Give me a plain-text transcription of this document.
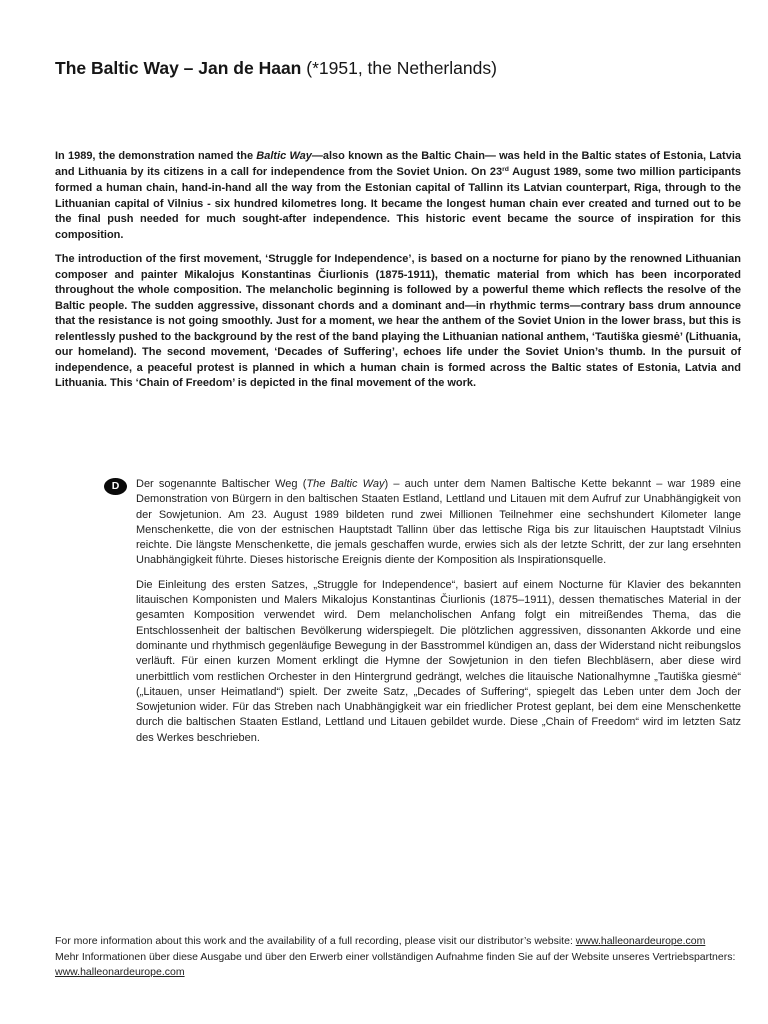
The Baltic Way – Jan de Haan (*1951, the Netherlands)

In 1989, the demonstration named the Baltic Way—also known as the Baltic Chain— was held in the Baltic states of Estonia, Latvia and Lithuania by its citizens in a call for independence from the Soviet Union. On 23rd August 1989, some two million participants formed a human chain, hand-in-hand all the way from the Estonian capital of Tallinn its Latvian counterpart, Riga, through to the Lithuanian capital of Vilnius - six hundred kilometres long. It became the longest human chain ever created and turned out to be the final push needed for much sought-after independence. This historic event became the source of inspiration for this composition.

The introduction of the first movement, ‘Struggle for Independence’, is based on a nocturne for piano by the renowned Lithuanian composer and painter Mikalojus Konstantinas Čiurlionis (1875-1911), thematic material from which has been incorporated throughout the whole composition. The melancholic beginning is followed by a powerful theme which reflects the resolve of the Baltic people. The sudden aggressive, dissonant chords and a dominant and—in rhythmic terms—contrary bass drum announce that the resistance is not going smoothly. Just for a moment, we hear the anthem of the Soviet Union in the lower brass, but this is relentlessly pushed to the background by the rest of the band playing the Lithuanian national anthem, ‘Tautiška giesmė’ (Lithuania, our homeland). The second movement, ‘Decades of Suffering’, echoes life under the Soviet Union’s thumb. In the pursuit of independence, a peaceful protest is planned in which a human chain is formed across the Baltic states of Estonia, Latvia and Lithuania. This ‘Chain of Freedom’ is depicted in the final movement of the work.

D	Der sogenannte Baltischer Weg (The Baltic Way) – auch unter dem Namen Baltische Kette bekannt – war 1989 eine Demonstration von Bürgern in den baltischen Staaten Estland, Lettland und Litauen mit dem Aufruf zur Unabhängigkeit von der Sowjetunion. Am 23. August 1989 bildeten rund zwei Millionen Teilnehmer eine sechshundert Kilometer lange Menschenkette, die von der estnischen Hauptstadt Tallinn über das lettische Riga bis zur litauischen Hauptstadt Vilnius reichte. Die längste Menschenkette, die jemals geschaffen wurde, erwies sich als der letzte Schritt, der zur lang ersehnten Unabhängigkeit führte. Dieses historische Ereignis diente der Komposition als Inspirationsquelle.

Die Einleitung des ersten Satzes, „Struggle for Independence“, basiert auf einem Nocturne für Klavier des bekannten litauischen Komponisten und Malers Mikalojus Konstantinas Čiurlionis (1875–1911), dessen thematisches Material in der gesamten Komposition verwendet wird. Dem melancholischen Anfang folgt ein mitreißendes Thema, das die Entschlossenheit der baltischen Bevölkerung widerspiegelt. Die plötzlichen aggressiven, dissonanten Akkorde und eine dominante und rhythmisch gegenläufige Bewegung in der Basstrommel kündigen an, dass der Widerstand nicht reibungslos verläuft. Für einen kurzen Moment erklingt die Hymne der Sowjetunion in den tiefen Blechbläsern, aber diese wird unerbittlich vom restlichen Orchester in den Hintergrund gedrängt, welches die litauische Nationalhymne „Tautiška giesmė“ („Litauen, unser Heimatland“) spielt. Der zweite Satz, „Decades of Suffering“, spiegelt das Leben unter dem Joch der Sowjetunion wider. Für das Streben nach Unabhängigkeit war ein friedlicher Protest geplant, bei dem eine Menschenkette durch die baltischen Staaten Estland, Lettland und Litauen gebildet wurde. Diese „Chain of Freedom“ wird im letzten Satz des Werkes beschrieben.

For more information about this work and the availability of a full recording, please visit our distributor’s website: www.halleonardeurope.com
Mehr Informationen über diese Ausgabe und über den Erwerb einer vollständigen Aufnahme finden Sie auf der Website unseres Vertriebspartners:
www.halleonardeurope.com
